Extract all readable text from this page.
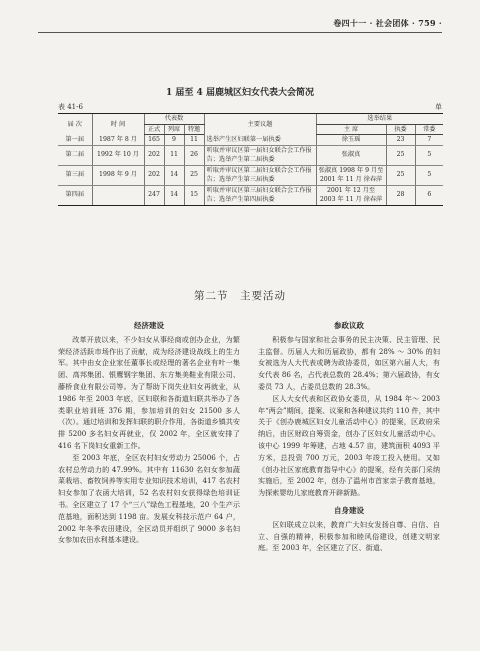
卷四十一 · 社会团体 · 759 ·
1 届至 4 届鹿城区妇女代表大会简况
表 41-6	单
届 次	时 间	代表数			主要议题	选举结果		
		正式	列席	特邀		主 席	执委	常委
第一届	1987 年 8 月	165	9	11	选举产生区妇联第一届执委	徐玉瑶	23	7
第二届	1992 年 10 月	202	11	26	听取并审议区第一届妇女联合会工作报告；选举产生第二届执委	张淑真	25	5
第三届	1998 年 9 月	202	14	25	听取并审议区第二届妇女联合会工作报告；选举产生第三届执委	张淑真 1998 年 9 月至 2001 年 11 月 徐春萍	25	5
第四届		247	14	15	听取并审议区第三届妇女联合会工作报告；选举产生第四届执委	2001 年 12 月至 2003 年 11 月 徐春萍	28	6
第二节　主要活动
经济建设

改革开放以来，不少妇女从事经商或创办企业，为繁荣经济活跃市场作出了贡献，成为经济建设战线上的生力军。其中由女企业家任董事长或经理的著名企业有叶一集团、高邦集团、银鹰钢字集团、东方集美鞋业有限公司、藤桥食业有限公司等。为了帮助下岗失业妇女再就业，从 1986 年至 2003 年底，区妇联和各街道妇联共举办了各类职业培训班 376 期，参加培训的妇女 21500 多人（次）。通过培训和发挥妇联的职介作用，各街道乡镇共安排 5200 多名妇女再就业，仅 2002 年，全区就安排了 416 名下岗妇女重新工作。

至 2003 年底，全区农村妇女劳动力 25006 个，占农村总劳动力的 47.99%。其中有 11630 名妇女参加蔬菜栽培、畜牧饲养等实用专业知识技术培训，417 名农村妇女参加了农函大培训，52 名农村妇女获得绿色培训证书。全区建立了 17 个“三八”绿色工程基地，20 个生产示范基地，面积达到 1198 亩。发展女科技示范户 64 户，2002 年冬季农田建设，全区动员并组织了 9000 多名妇女参加农田水利基本建设。

参政议政

积极参与国家和社会事务的民主决策、民主管理、民主监督。历届人大和历届政协，都有 28% ～ 30% 的妇女被选为人大代表或聘为政协委员，如区第六届人大，有女代表 86 名，占代表总数的 28.4%；第六届政协，有女委员 73 人，占委员总数的 28.3%。

区人大女代表和区政协女委员，从 1984 年～ 2003 年“两会”期间，提案、议案和各种建议共约 110 件，其中关于《创办鹿城区妇女儿童活动中心》的提案，区政府采纳后，由区财政自筹资金，创办了区妇女儿童活动中心。该中心 1999 年筹建，占地 4.57 亩，建筑面积 4093 平方米，总投资 700 万元，2003 年竣工投入使用。又如《创办社区家庭教育指导中心》的提案，经有关部门采纳实施后，至 2002 年，创办了温州市首家亲子教育基地，为探索婴幼儿家庭教育开辟新路。

自身建设

区妇联成立以来，教育广大妇女发扬自尊、自信、自立、自强的精神，积极参加和睦风俗建设，创建文明家庭。至 2003 年，全区建立了区、街道、
